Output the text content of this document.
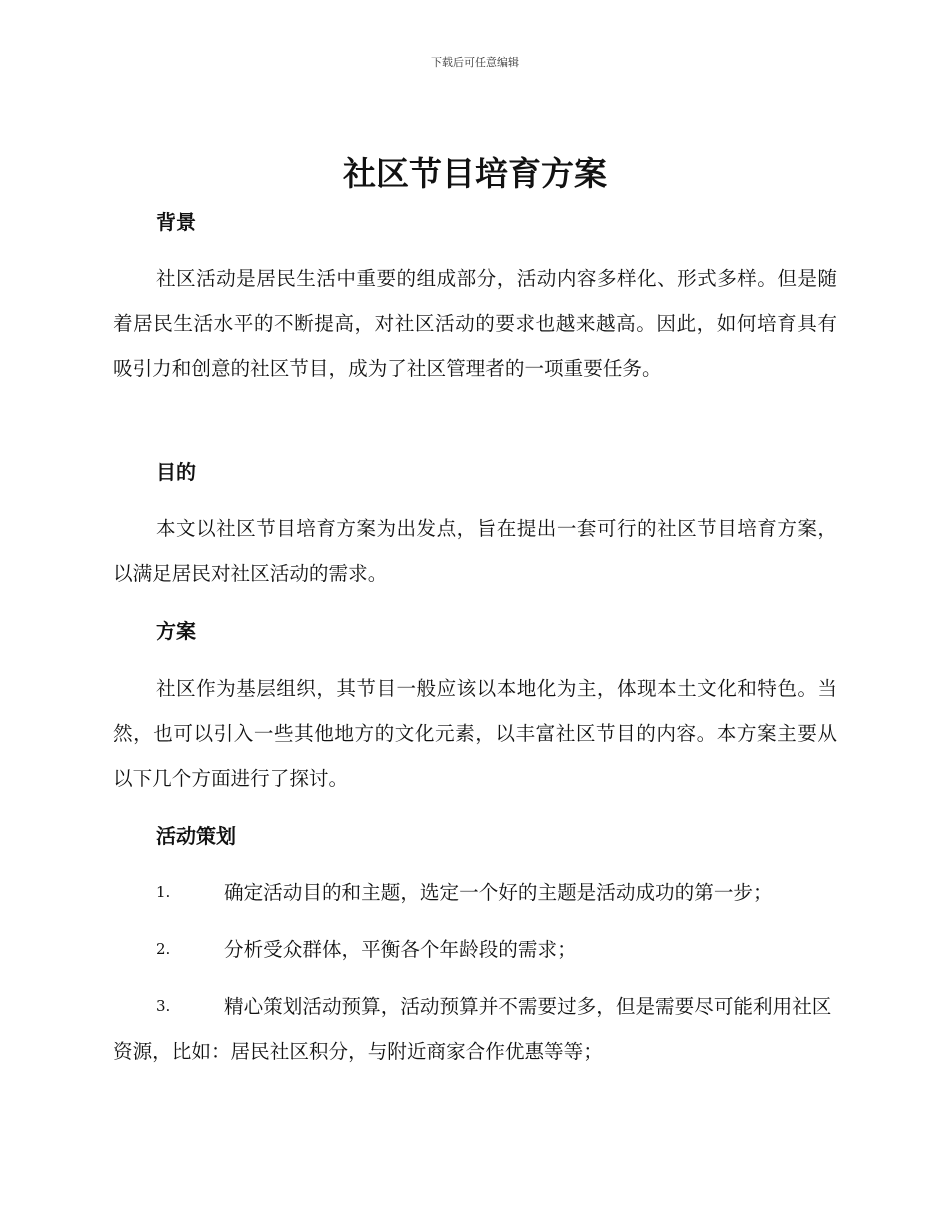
下载后可任意编辑
社区节目培育方案
背景

社区活动是居民生活中重要的组成部分，活动内容多样化、形式多样。但是随着居民生活水平的不断提高，对社区活动的要求也越来越高。因此，如何培育具有吸引力和创意的社区节目，成为了社区管理者的一项重要任务。

目的

本文以社区节目培育方案为出发点，旨在提出一套可行的社区节目培育方案，以满足居民对社区活动的需求。

方案

社区作为基层组织，其节目一般应该以本地化为主，体现本土文化和特色。当然，也可以引入一些其他地方的文化元素，以丰富社区节目的内容。本方案主要从以下几个方面进行了探讨。

活动策划
1.	确定活动目的和主题，选定一个好的主题是活动成功的第一步；
2.	分析受众群体，平衡各个年龄段的需求；
3.	精心策划活动预算，活动预算并不需要过多，但是需要尽可能利用社区资源，比如：居民社区积分，与附近商家合作优惠等等；
